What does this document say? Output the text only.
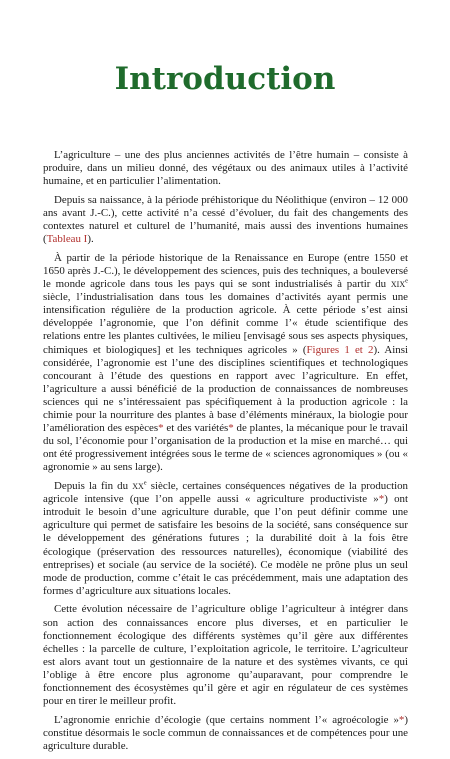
Introduction

L’agriculture – une des plus anciennes activités de l’être humain – consiste à produire, dans un milieu donné, des végétaux ou des animaux utiles à l’activité humaine, et en particulier l’alimentation.

Depuis sa naissance, à la période préhistorique du Néolithique (environ – 12 000 ans avant J.-C.), cette activité n’a cessé d’évoluer, du fait des changements des contextes naturel et culturel de l’humanité, mais aussi des inventions humaines (Tableau I).

À partir de la période historique de la Renaissance en Europe (entre 1550 et 1650 après J.-C.), le développement des sciences, puis des techniques, a bouleversé le monde agricole dans tous les pays qui se sont industrialisés à partir du xix$^e$ siècle, l’industrialisation dans tous les domaines d’activités ayant permis une intensification régulière de la production agricole. À cette période s’est ainsi développée l’agronomie, que l’on définit comme l’« étude scientifique des relations entre les plantes cultivées, le milieu [envisagé sous ses aspects physiques, chimiques et biologiques] et les techniques agricoles » (Figures 1 et 2). Ainsi considérée, l’agronomie est l’une des disciplines scientifiques et technologiques concourant à l’étude des questions en rapport avec l’agriculture. En effet, l’agriculture a aussi bénéficié de la production de connaissances de nombreuses sciences qui ne s’intéressaient pas spécifiquement à la production agricole : la chimie pour la nourriture des plantes à base d’éléments minéraux, la biologie pour l’amélioration des espèces* et des variétés* de plantes, la mécanique pour le travail du sol, l’économie pour l’organisation de la production et la mise en marché… qui ont été progressivement intégrées sous le terme de « sciences agronomiques » (ou « agronomie » au sens large).

Depuis la fin du $xx^e$ siècle, certaines conséquences négatives de la production agricole intensive (que l’on appelle aussi « agriculture productiviste »*) ont introduit le besoin d’une agriculture durable, que l’on peut définir comme une agriculture qui permet de satisfaire les besoins de la société, sans conséquence sur le développement des générations futures ; la durabilité doit à la fois être écologique (préservation des ressources naturelles), économique (viabilité des entreprises) et sociale (au service de la société). Ce modèle ne prône plus un seul mode de production, comme c’était le cas précédemment, mais une adaptation des formes d’agriculture aux situations locales.

Cette évolution nécessaire de l’agriculture oblige l’agriculteur à intégrer dans son action des connaissances encore plus diverses, et en particulier le fonctionnement écologique des différents systèmes qu’il gère aux différentes échelles : la parcelle de culture, l’exploitation agricole, le territoire. L’agriculteur est alors avant tout un gestionnaire de la nature et des systèmes vivants, ce qui l’oblige à être encore plus agronome qu’auparavant, pour comprendre le fonctionnement des écosystèmes qu’il gère et agir en régulateur de ces systèmes pour en tirer le meilleur profit.

L’agronomie enrichie d’écologie (que certains nomment l’« agroécologie »*) constitue désormais le socle commun de connaissances et de compétences pour une agriculture durable.
